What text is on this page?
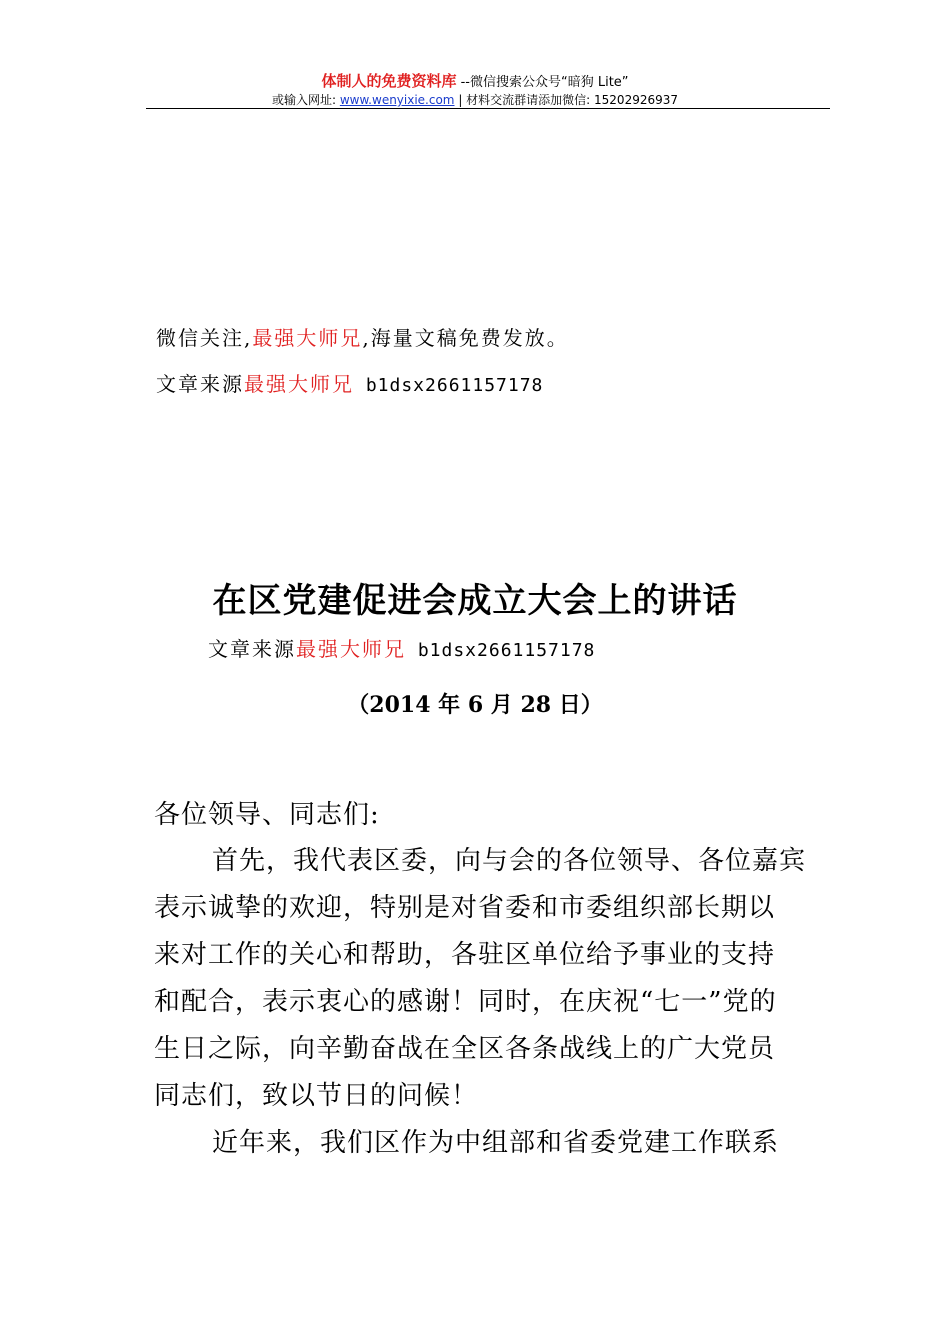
体制人的免费资料库 --微信搜索公众号“暗狗 Lite”
或输入网址: www.wenyixie.com | 材料交流群请添加微信: 15202926937
微信关注,最强大师兄,海量文稿免费发放。
文章来源最强大师兄 b1dsx2661157178
在区党建促进会成立大会上的讲话
文章来源最强大师兄 b1dsx2661157178
（2014 年 6 月 28 日）
各位领导、同志们:
首先，我代表区委，向与会的各位领导、各位嘉宾
表示诚挚的欢迎，特别是对省委和市委组织部长期以
来对工作的关心和帮助，各驻区单位给予事业的支持
和配合，表示衷心的感谢！同时，在庆祝“七一”党的
生日之际，向辛勤奋战在全区各条战线上的广大党员
同志们，致以节日的问候！
近年来，我们区作为中组部和省委党建工作联系
